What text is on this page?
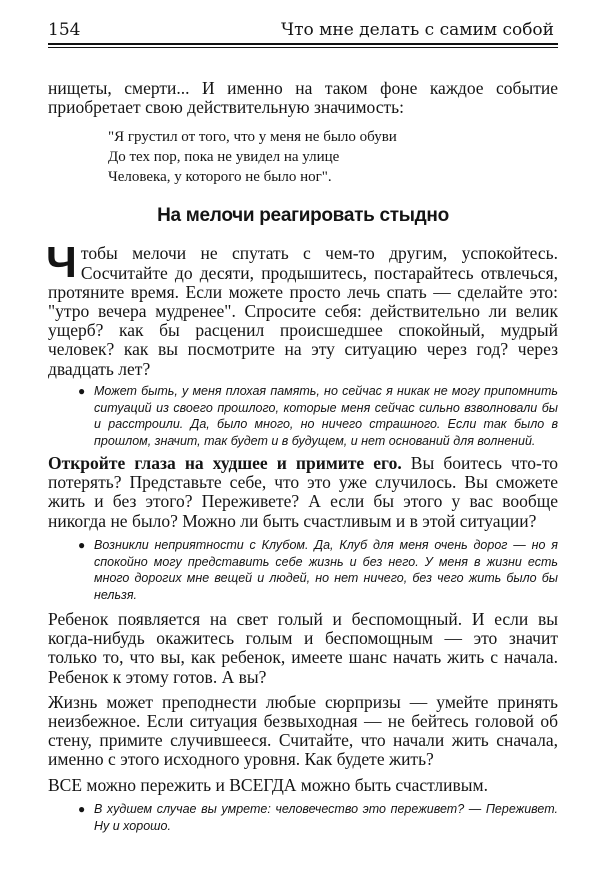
154	Что мне делать с самим собой

нищеты, смерти... И именно на таком фоне каждое событие приобретает свою действительную значимость:

"Я грустил от того, что у меня не было обуви
До тех пор, пока не увидел на улице
Человека, у которого не было ног".
На мелочи реагировать стыдно

Чтобы мелочи не спутать с чем-то другим, успокойтесь. Сосчитайте до десяти, продышитесь, постарайтесь отвлечься, протяните время. Если можете просто лечь спать — сделайте это: "утро вечера мудренее". Спросите себя: действительно ли велик ущерб? как бы расценил происшедшее спокойный, мудрый человек? как вы посмотрите на эту ситуацию через год? через двадцать лет?

● Может быть, у меня плохая память, но сейчас я никак не могу припомнить ситуаций из своего прошлого, которые меня сейчас сильно взволновали бы и расстроили. Да, было много, но ничего страшного. Если так было в прошлом, значит, так будет и в будущем, и нет оснований для волнений.

Откройте глаза на худшее и примите его. Вы боитесь что-то потерять? Представьте себе, что это уже случилось. Вы сможете жить и без этого? Переживете? А если бы этого у вас вообще никогда не было? Можно ли быть счастливым и в этой ситуации?

● Возникли неприятности с Клубом. Да, Клуб для меня очень дорог — но я спокойно могу представить себе жизнь и без него. У меня в жизни есть много дорогих мне вещей и людей, но нет ничего, без чего жить было бы нельзя.

Ребенок появляется на свет голый и беспомощный. И если вы когда-нибудь окажитесь голым и беспомощным — это значит только то, что вы, как ребенок, имеете шанс начать жить с начала. Ребенок к этому готов. А вы?

Жизнь может преподнести любые сюрпризы — умейте принять неизбежное. Если ситуация безвыходная — не бейтесь головой об стену, примите случившееся. Считайте, что начали жить сначала, именно с этого исходного уровня. Как будете жить?

ВСЕ можно пережить и ВСЕГДА можно быть счастливым.

● В худшем случае вы умрете: человечество это переживет? — Переживет. Ну и хорошо.
